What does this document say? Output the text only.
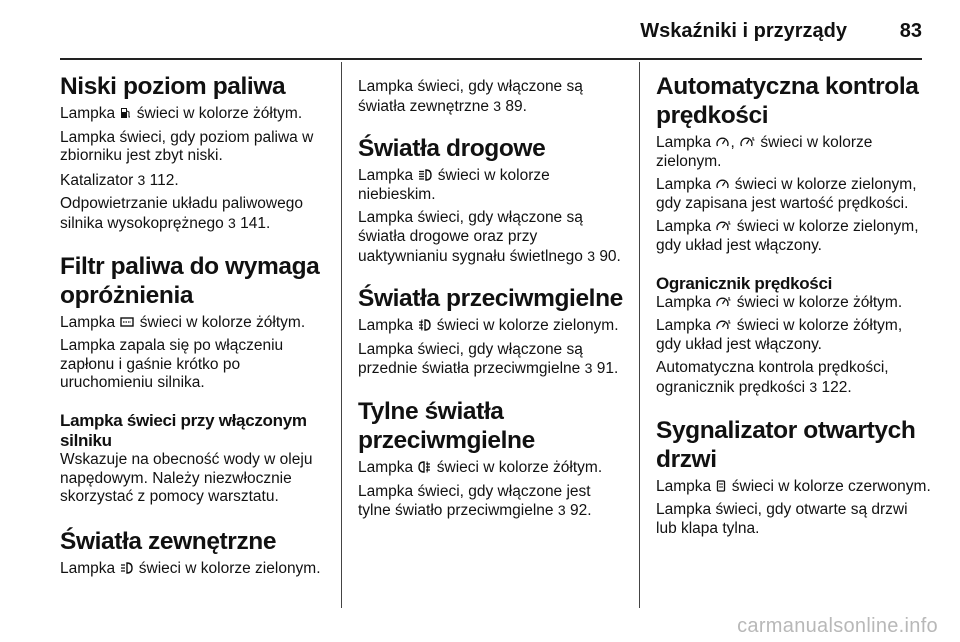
Wskaźniki i przyrządy	83
Niski poziom paliwa

Lampka świeci w kolorze żółtym.

Lampka świeci, gdy poziom paliwa w zbiorniku jest zbyt niski.

Katalizator 3 112.

Odpowietrzanie układu paliwowego silnika wysokoprężnego 3 141.

Filtr paliwa do wymaga opróżnienia

Lampka świeci w kolorze żółtym.

Lampka zapala się po włączeniu zapłonu i gaśnie krótko po uruchomieniu silnika.

Lampka świeci przy włączonym silniku

Wskazuje na obecność wody w oleju napędowym. Należy niezwłocznie skorzystać z pomocy warsztatu.

Światła zewnętrzne

Lampka świeci w kolorze zielonym.

Lampka świeci, gdy włączone są światła zewnętrzne 3 89.

Światła drogowe

Lampka świeci w kolorze niebieskim.

Lampka świeci, gdy włączone są światła drogowe oraz przy uaktywnianiu sygnału świetlnego 3 90.

Światła przeciwmgielne

Lampka świeci w kolorze zielonym.

Lampka świeci, gdy włączone są przednie światła przeciwmgielne 3 91.

Tylne światła przeciwmgielne

Lampka świeci w kolorze żółtym.

Lampka świeci, gdy włączone jest tylne światło przeciwmgielne 3 92.

Automatyczna kontrola prędkości

Lampka , świeci w kolorze zielonym.

Lampka świeci w kolorze zielonym, gdy zapisana jest wartość prędkości.

Lampka świeci w kolorze zielonym, gdy układ jest włączony.

Ogranicznik prędkości

Lampka świeci w kolorze żółtym.

Lampka świeci w kolorze żółtym, gdy układ jest włączony.

Automatyczna kontrola prędkości, ogranicznik prędkości 3 122.

Sygnalizator otwartych drzwi

Lampka świeci w kolorze czerwonym.

Lampka świeci, gdy otwarte są drzwi lub klapa tylna.

carmanualsonline.info
